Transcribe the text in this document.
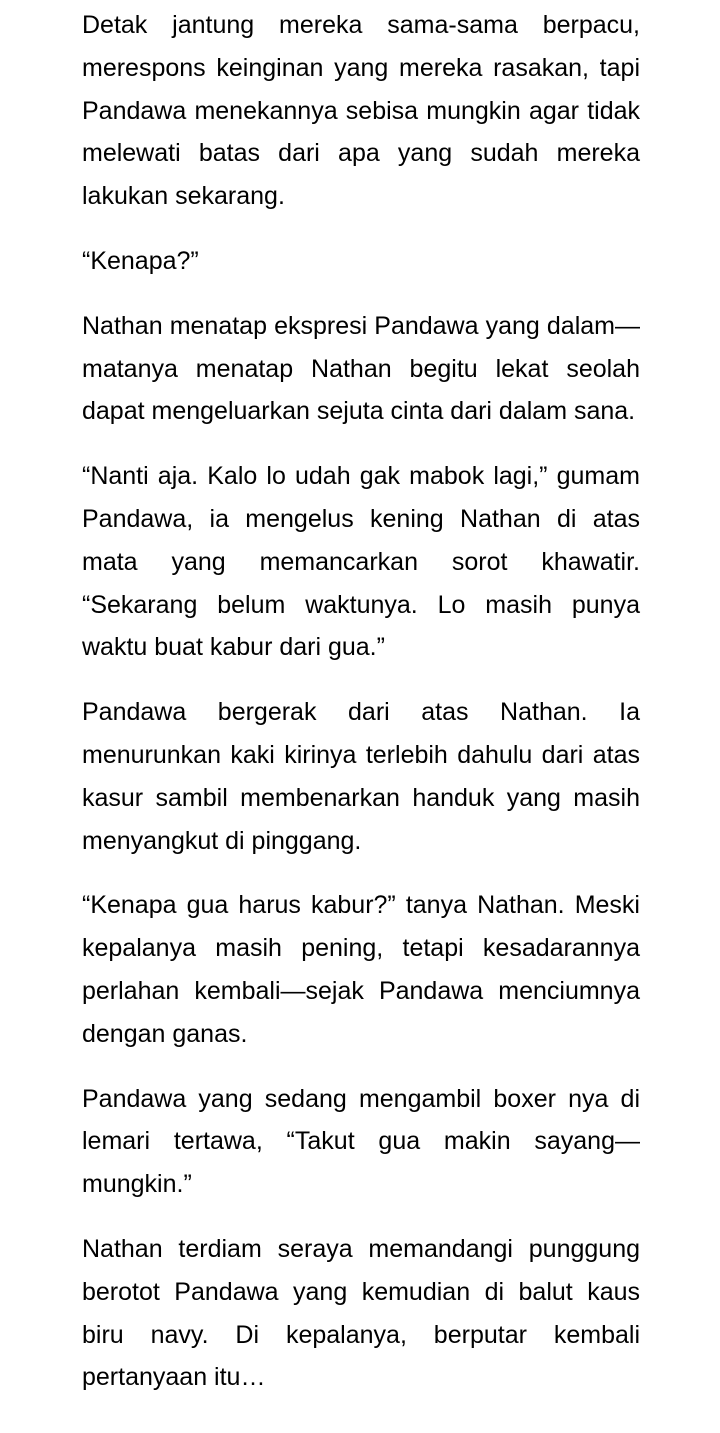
Detak jantung mereka sama-sama berpacu, merespons keinginan yang mereka rasakan, tapi Pandawa menekannya sebisa mungkin agar tidak melewati batas dari apa yang sudah mereka lakukan sekarang.

“Kenapa?”

Nathan menatap ekspresi Pandawa yang dalam—matanya menatap Nathan begitu lekat seolah dapat mengeluarkan sejuta cinta dari dalam sana.

“Nanti aja. Kalo lo udah gak mabok lagi,” gumam Pandawa, ia mengelus kening Nathan di atas mata yang memancarkan sorot khawatir. “Sekarang belum waktunya. Lo masih punya waktu buat kabur dari gua.”

Pandawa bergerak dari atas Nathan. Ia menurunkan kaki kirinya terlebih dahulu dari atas kasur sambil membenarkan handuk yang masih menyangkut di pinggang.

“Kenapa gua harus kabur?” tanya Nathan. Meski kepalanya masih pening, tetapi kesadarannya perlahan kembali—sejak Pandawa menciumnya dengan ganas.

Pandawa yang sedang mengambil boxer nya di lemari tertawa, “Takut gua makin sayang—mungkin.”

Nathan terdiam seraya memandangi punggung berotot Pandawa yang kemudian di balut kaus biru navy. Di kepalanya, berputar kembali pertanyaan itu…
